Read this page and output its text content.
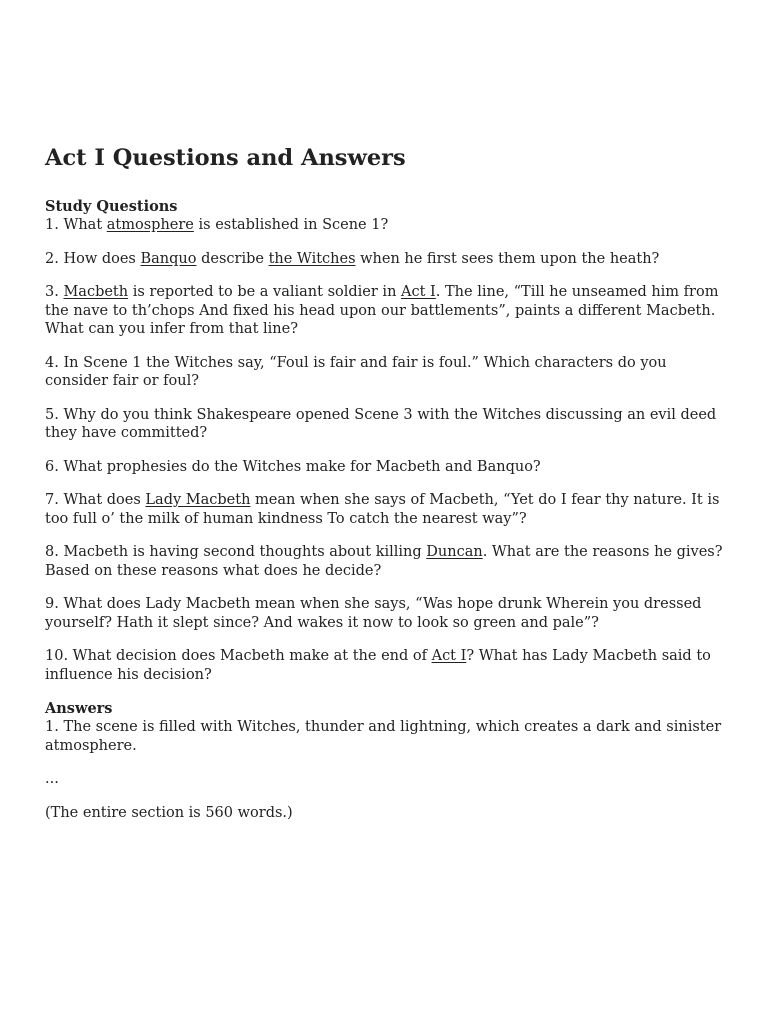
Act I Questions and Answers
Study Questions

1. What atmosphere is established in Scene 1?

2. How does Banquo describe the Witches when he first sees them upon the heath?

3. Macbeth is reported to be a valiant soldier in Act I. The line, “Till he unseamed him from the nave to th’chops And fixed his head upon our battlements”, paints a different Macbeth. What can you infer from that line?

4. In Scene 1 the Witches say, “Foul is fair and fair is foul.” Which characters do you consider fair or foul?

5. Why do you think Shakespeare opened Scene 3 with the Witches discussing an evil deed they have committed?

6. What prophesies do the Witches make for Macbeth and Banquo?

7. What does Lady Macbeth mean when she says of Macbeth, “Yet do I fear thy nature. It is too full o’ the milk of human kindness To catch the nearest way”?

8. Macbeth is having second thoughts about killing Duncan. What are the reasons he gives? Based on these reasons what does he decide?

9. What does Lady Macbeth mean when she says, “Was hope drunk Wherein you dressed yourself? Hath it slept since? And wakes it now to look so green and pale”?

10. What decision does Macbeth make at the end of Act I? What has Lady Macbeth said to influence his decision?

Answers

1. The scene is filled with Witches, thunder and lightning, which creates a dark and sinister atmosphere.

...

(The entire section is 560 words.)
